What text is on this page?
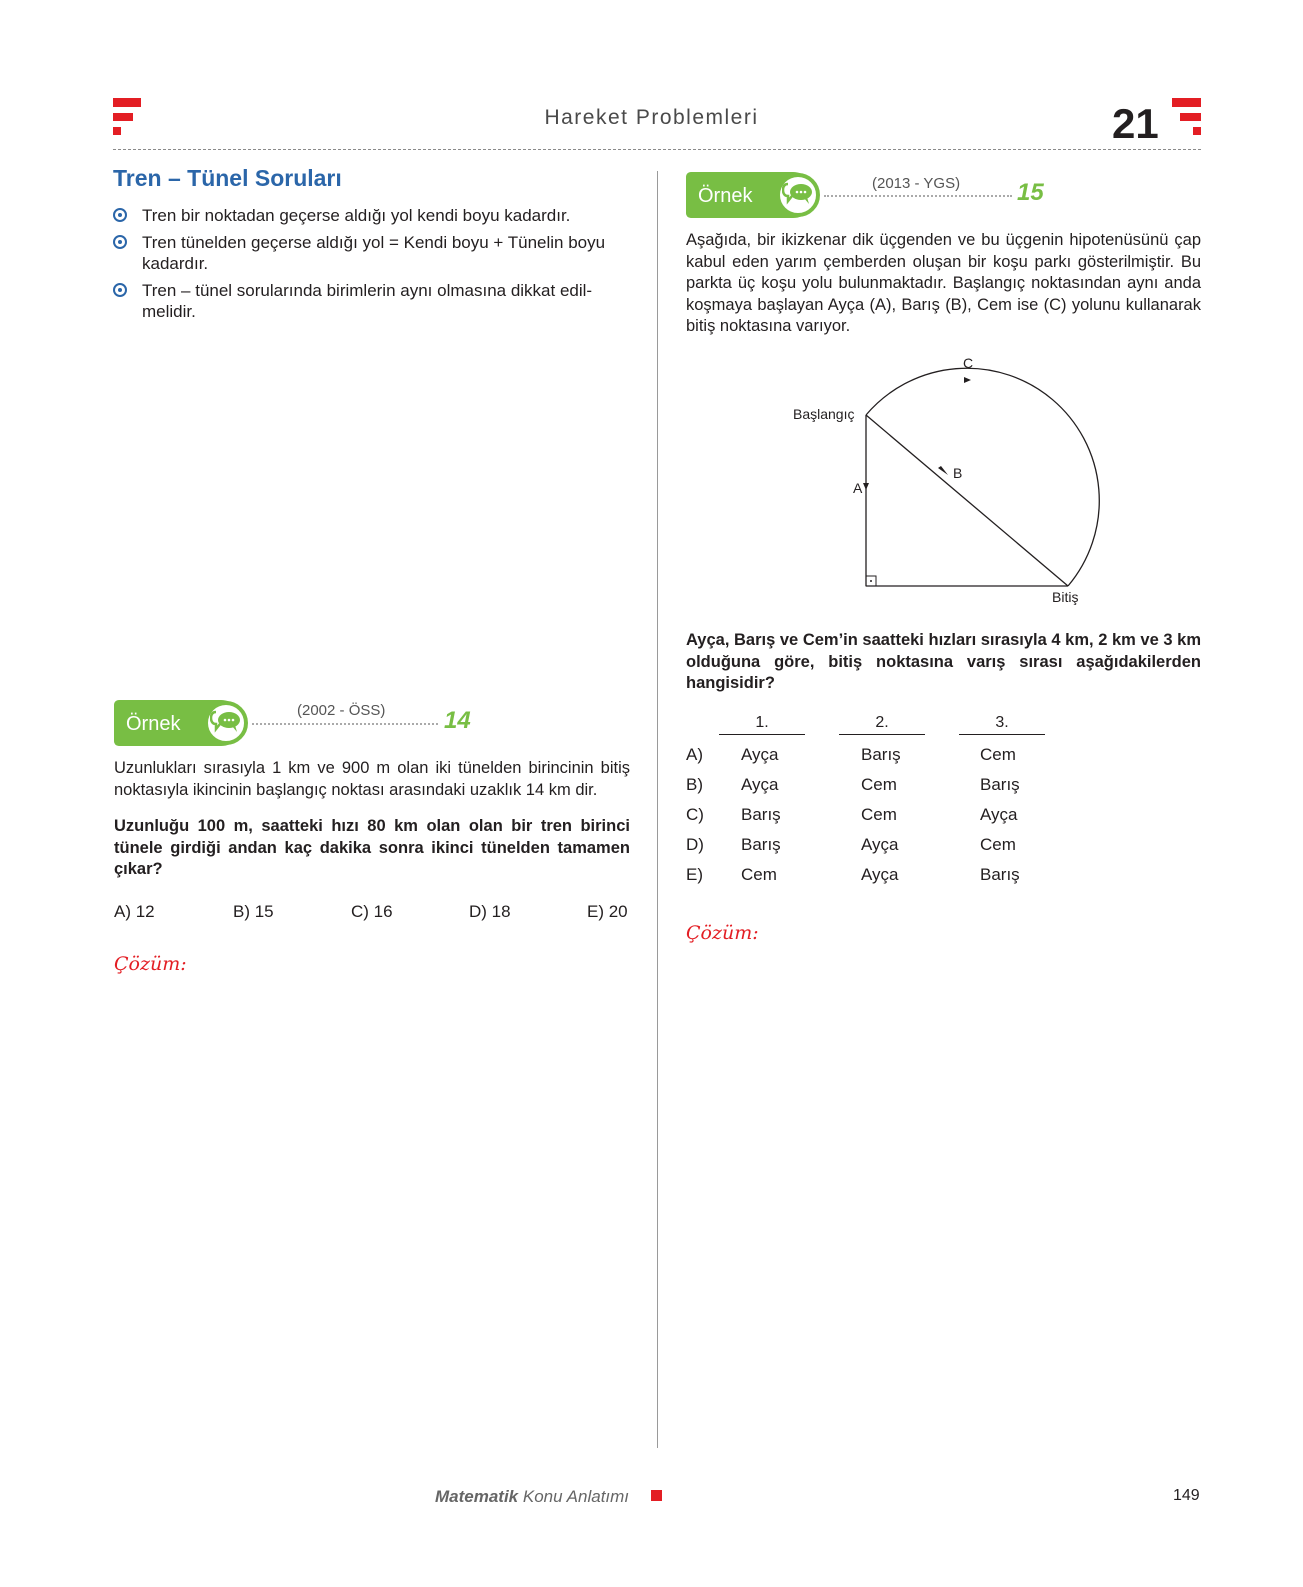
Hareket Problemleri	21
Tren – Tünel Soruları
Tren bir noktadan geçerse aldığı yol kendi boyu kadardır.
Tren tünelden geçerse aldığı yol = Kendi boyu + Tünelin boyu kadardır.
Tren – tünel sorularında birimlerin aynı olmasına dikkat edilmelidir.
Örnek
(2002 - ÖSS) 14
Uzunlukları sırasıyla 1 km ve 900 m olan iki tünelden birincinin bitiş noktasıyla ikincinin başlangıç noktası arasındaki uzaklık 14 km dir.
Uzunluğu 100 m, saatteki hızı 80 km olan olan bir tren birinci tünele girdiği andan kaç dakika sonra ikinci tünelden tamamen çıkar?
A) 12	B) 15	C) 16	D) 18	E) 20
Çözüm:
Örnek
(2013 - YGS) 15
Aşağıda, bir ikizkenar dik üçgenden ve bu üçgenin hipotenüsünü çap kabul eden yarım çemberden oluşan bir koşu parkı gösterilmiştir. Bu parkta üç koşu yolu bulunmaktadır. Başlangıç noktasından aynı anda koşmaya başlayan Ayça (A), Barış (B), Cem ise (C) yolunu kullanarak bitiş noktasına varıyor.
Başlangıç
Bitiş
A
B
C
Ayça, Barış ve Cem’in saatteki hızları sırasıyla 4 km, 2 km ve 3 km olduğuna göre, bitiş noktasına varış sırası aşağıdakilerden hangisidir?
1.	2.	3.
A) Ayça	Barış	Cem
B) Ayça	Cem	Barış
C) Barış	Cem	Ayça
D) Barış	Ayça	Cem
E) Cem	Ayça	Barış
Çözüm:
Matematik Konu Anlatımı	149
